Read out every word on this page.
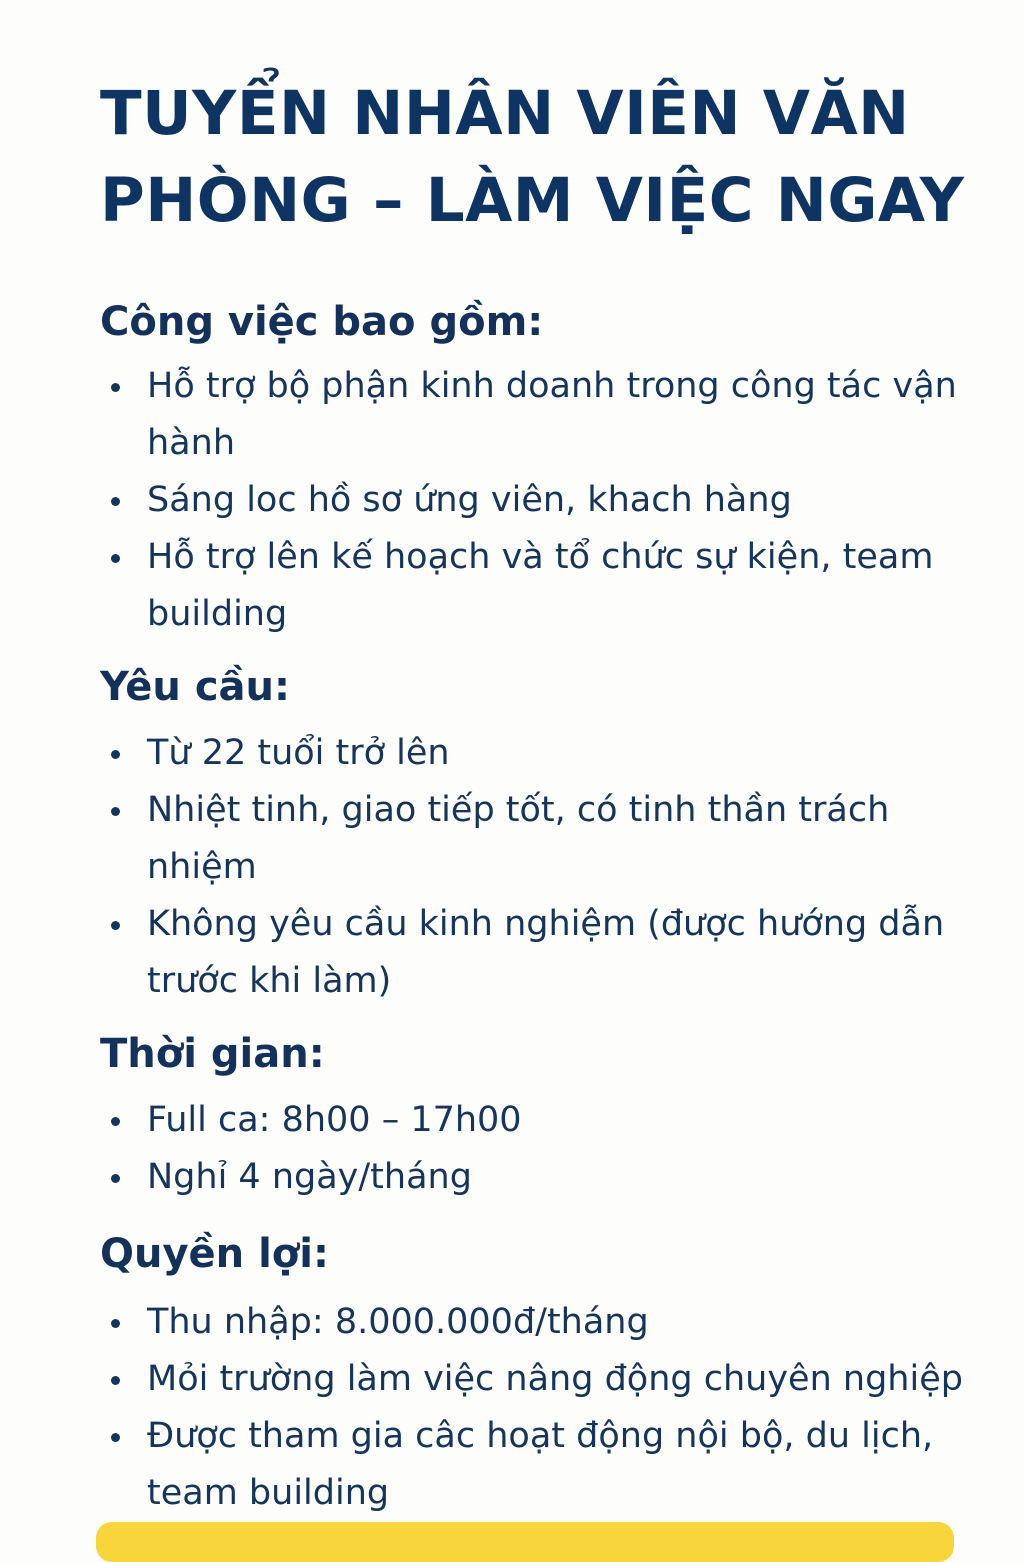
TUYỂN NHÂN VIÊN VĂN
PHÒNG – LÀM VIỆC NGAY
Công việc bao gồm:
Hỗ trợ bộ phận kinh doanh trong công tác vận hành
Sáng loc hồ sơ ứng viên, khach hàng
Hỗ trợ lên kế hoạch và tổ chức sự kiện, team building
Yêu cầu:
Từ 22 tuổi trở lên
Nhiệt tinh, giao tiếp tốt, có tinh thần trách nhiệm
Không yêu cầu kinh nghiệm (được hướng dẫn trước khi làm)
Thời gian:
Full ca: 8h00 – 17h00
Nghỉ 4 ngày/tháng
Quyền lợi:
Thu nhập: 8.000.000đ/tháng
Mỏi trường làm việc nâng động chuyên nghiệp
Được tham gia câc hoạt động nội bộ, du lịch, team building
